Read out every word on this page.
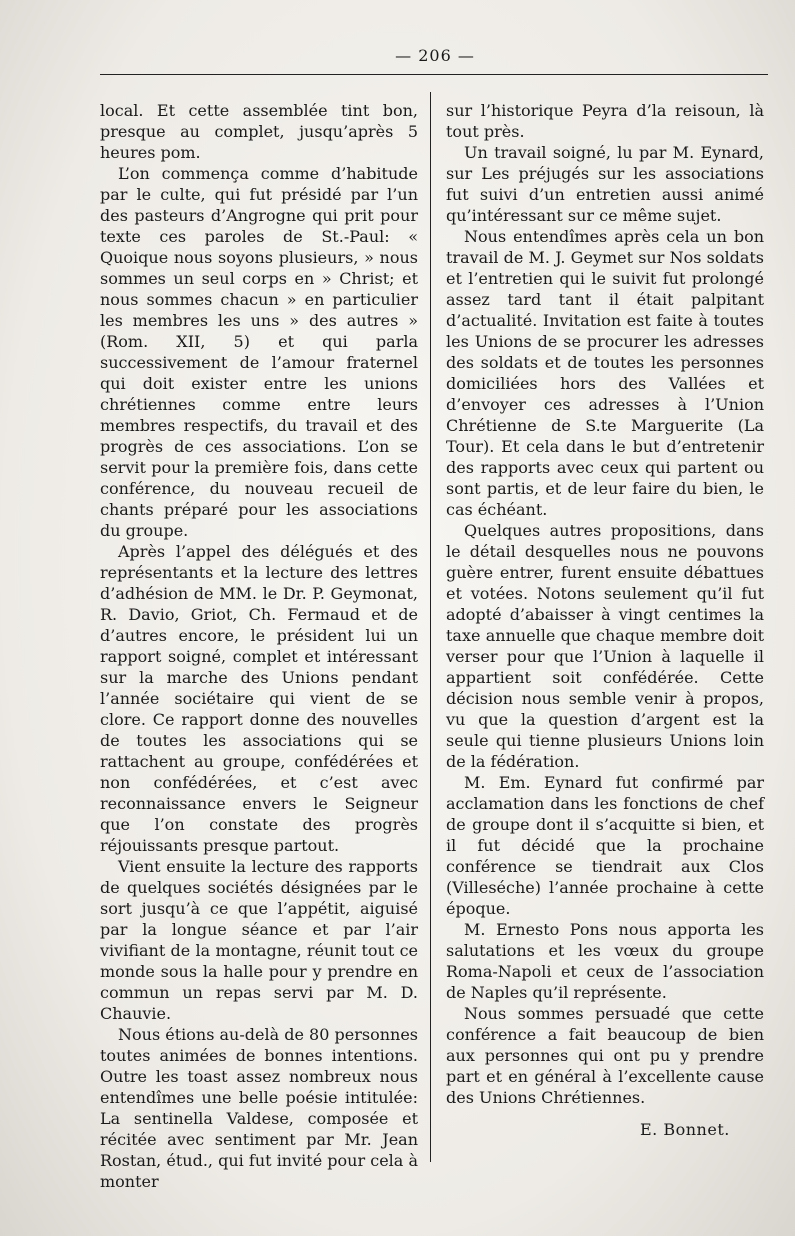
— 206 —

local. Et cette assemblée tint bon, presque au complet, jusqu’après 5 heures pom.

L’on commença comme d’habitude par le culte, qui fut présidé par l’un des pasteurs d’Angrogne qui prit pour texte ces paroles de St.-Paul: « Quoique nous soyons plusieurs, » nous sommes un seul corps en » Christ; et nous sommes chacun » en particulier les membres les uns » des autres » (Rom. XII, 5) et qui parla successivement de l’amour fraternel qui doit exister entre les unions chrétiennes comme entre leurs membres respectifs, du travail et des progrès de ces associations. L’on se servit pour la première fois, dans cette conférence, du nouveau recueil de chants préparé pour les associations du groupe.

Après l’appel des délégués et des représentants et la lecture des lettres d’adhésion de MM. le Dr. P. Geymonat, R. Davio, Griot, Ch. Fermaud et de d’autres encore, le président lui un rapport soigné, complet et intéressant sur la marche des Unions pendant l’année sociétaire qui vient de se clore. Ce rapport donne des nouvelles de toutes les associations qui se rattachent au groupe, confédérées et non confédérées, et c’est avec reconnaissance envers le Seigneur que l’on constate des progrès réjouissants presque partout.

Vient ensuite la lecture des rapports de quelques sociétés désignées par le sort jusqu’à ce que l’appétit, aiguisé par la longue séance et par l’air vivifiant de la montagne, réunit tout ce monde sous la halle pour y prendre en commun un repas servi par M. D. Chauvie.

Nous étions au-delà de 80 personnes toutes animées de bonnes intentions. Outre les toast assez nombreux nous entendîmes une belle poésie intitulée: La sentinella Valdese, composée et récitée avec sentiment par Mr. Jean Rostan, étud., qui fut invité pour cela à monter

sur l’historique Peyra d’la reisoun, là tout près.

Un travail soigné, lu par M. Eynard, sur Les préjugés sur les associations fut suivi d’un entretien aussi animé qu’intéressant sur ce même sujet.

Nous entendîmes après cela un bon travail de M. J. Geymet sur Nos soldats et l’entretien qui le suivit fut prolongé assez tard tant il était palpitant d’actualité. Invitation est faite à toutes les Unions de se procurer les adresses des soldats et de toutes les personnes domiciliées hors des Vallées et d’envoyer ces adresses à l’Union Chrétienne de S.te Marguerite (La Tour). Et cela dans le but d’entretenir des rapports avec ceux qui partent ou sont partis, et de leur faire du bien, le cas échéant.

Quelques autres propositions, dans le détail desquelles nous ne pouvons guère entrer, furent ensuite débattues et votées. Notons seulement qu’il fut adopté d’abaisser à vingt centimes la taxe annuelle que chaque membre doit verser pour que l’Union à laquelle il appartient soit confédérée. Cette décision nous semble venir à propos, vu que la question d’argent est la seule qui tienne plusieurs Unions loin de la fédération.

M. Em. Eynard fut confirmé par acclamation dans les fonctions de chef de groupe dont il s’acquitte si bien, et il fut décidé que la prochaine conférence se tiendrait aux Clos (Villeséche) l’année prochaine à cette époque.

M. Ernesto Pons nous apporta les salutations et les vœux du groupe Roma-Napoli et ceux de l’association de Naples qu’il représente.

Nous sommes persuadé que cette conférence a fait beaucoup de bien aux personnes qui ont pu y prendre part et en général à l’excellente cause des Unions Chrétiennes.

E. Bonnet.
